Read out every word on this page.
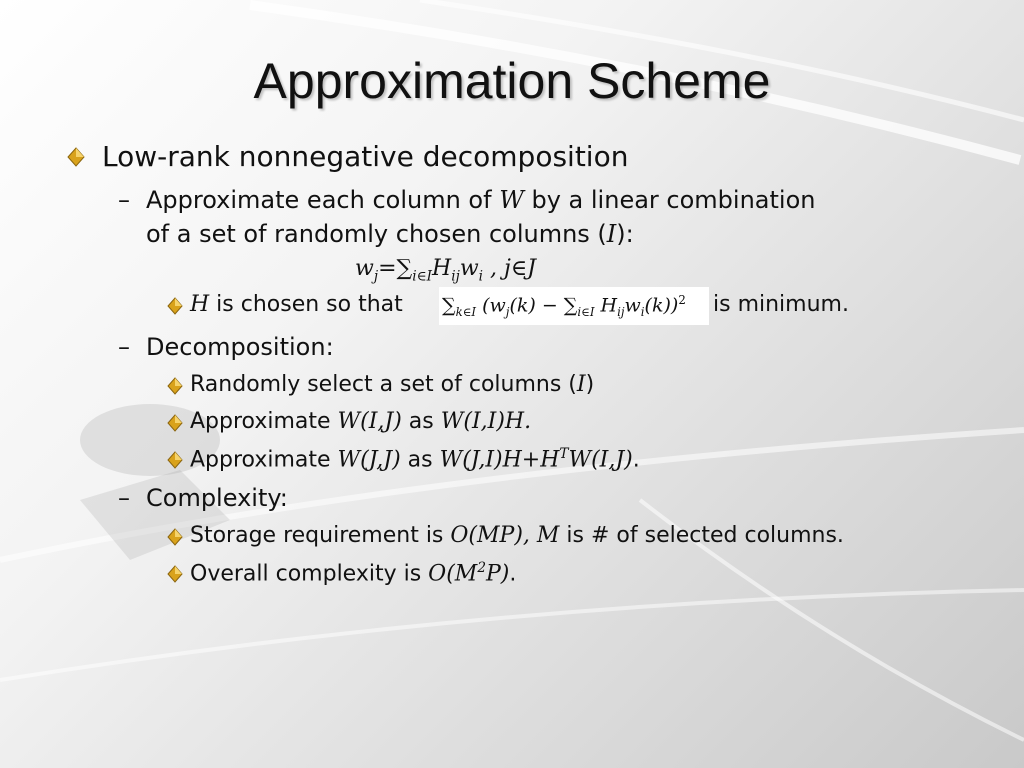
Approximation Scheme
Low-rank nonnegative decomposition
– Approximate each column of W by a linear combination
of a set of randomly chosen columns (I):
$w_j=\sum_{i\in I}H_{ij}w_i$ , j∈J
H is chosen so that $\sum_{k\in I}$ ($w_j(k) - \sum_{i\in I}$ $H_{ij}w_i(k))^2$ is minimum.
– Decomposition:
Randomly select a set of columns (I)
Approximate W(I,J) as W(I,I)H.
Approximate W(J,J) as $W(J,I)H+H^TW(I,J)$.
– Complexity:
Storage requirement is O(MP), M is # of selected columns.
Overall complexity is $O(M^2P)$.
